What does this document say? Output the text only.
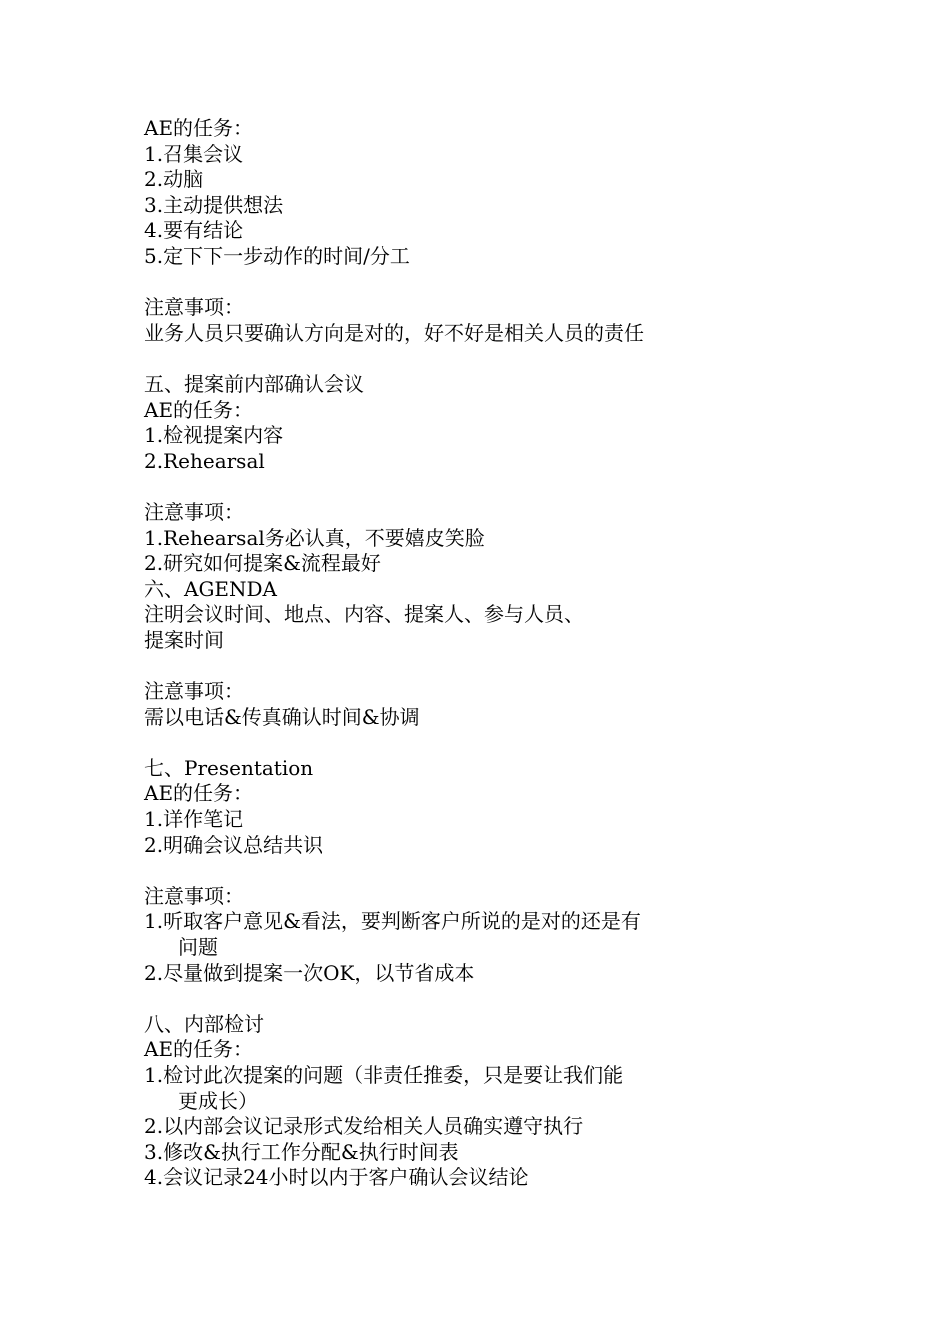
AE的任务：
1.召集会议
2.动脑
3.主动提供想法
4.要有结论
5.定下下一步动作的时间/分工
注意事项：
业务人员只要确认方向是对的，好不好是相关人员的责任
五、提案前内部确认会议
AE的任务：
1.检视提案内容
2.Rehearsal
注意事项：
1.Rehearsal务必认真，不要嬉皮笑脸
2.研究如何提案&流程最好
六、AGENDA
注明会议时间、地点、内容、提案人、参与人员、
提案时间
注意事项：
需以电话&传真确认时间&协调
七、Presentation
AE的任务：
1.详作笔记
2.明确会议总结共识
注意事项：
1.听取客户意见&看法，要判断客户所说的是对的还是有
问题
2.尽量做到提案一次OK，以节省成本
八、内部检讨
AE的任务：
1.检讨此次提案的问题（非责任推委，只是要让我们能
更成长）
2.以内部会议记录形式发给相关人员确实遵守执行
3.修改&执行工作分配&执行时间表
4.会议记录24小时以内于客户确认会议结论
